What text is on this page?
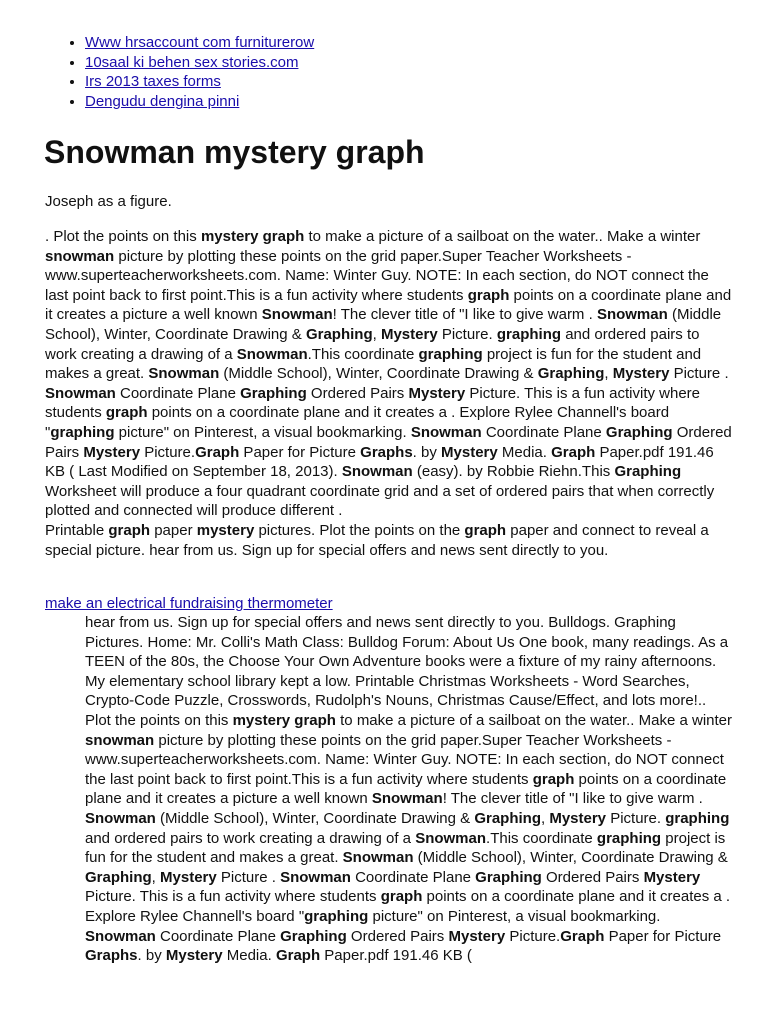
• Www hrsaccount com furniturerow
• 10saal ki behen sex stories.com
• Irs 2013 taxes forms
• Dengudu dengina pinni
Snowman mystery graph

Joseph as a figure.

. Plot the points on this mystery graph to make a picture of a sailboat on the water.. Make a winter snowman picture by plotting these points on the grid paper.Super Teacher Worksheets - www.superteacherworksheets.com. Name: Winter Guy. NOTE: In each section, do NOT connect the last point back to first point.This is a fun activity where students graph points on a coordinate plane and it creates a picture a well known Snowman! The clever title of "I like to give warm . Snowman (Middle School), Winter, Coordinate Drawing & Graphing, Mystery Picture. graphing and ordered pairs to work creating a drawing of a Snowman.This coordinate graphing project is fun for the student and makes a great. Snowman (Middle School), Winter, Coordinate Drawing & Graphing, Mystery Picture . Snowman Coordinate Plane Graphing Ordered Pairs Mystery Picture. This is a fun activity where students graph points on a coordinate plane and it creates a . Explore Rylee Channell's board "graphing picture" on Pinterest, a visual bookmarking. Snowman Coordinate Plane Graphing Ordered Pairs Mystery Picture.Graph Paper for Picture Graphs. by Mystery Media. Graph Paper.pdf 191.46 KB ( Last Modified on September 18, 2013). Snowman (easy). by Robbie Riehn.This Graphing Worksheet will produce a four quadrant coordinate grid and a set of ordered pairs that when correctly plotted and connected will produce different .

Printable graph paper mystery pictures. Plot the points on the graph paper and connect to reveal a special picture. hear from us. Sign up for special offers and news sent directly to you.

make an electrical fundraising thermometer
hear from us. Sign up for special offers and news sent directly to you. Bulldogs. Graphing Pictures. Home: Mr. Colli's Math Class: Bulldog Forum: About Us One book, many readings. As a TEEN of the 80s, the Choose Your Own Adventure books were a fixture of my rainy afternoons. My elementary school library kept a low. Printable Christmas Worksheets - Word Searches, Crypto-Code Puzzle, Crosswords, Rudolph's Nouns, Christmas Cause/Effect, and lots more!.. Plot the points on this mystery graph to make a picture of a sailboat on the water.. Make a winter snowman picture by plotting these points on the grid paper.Super Teacher Worksheets - www.superteacherworksheets.com. Name: Winter Guy. NOTE: In each section, do NOT connect the last point back to first point.This is a fun activity where students graph points on a coordinate plane and it creates a picture a well known Snowman! The clever title of "I like to give warm . Snowman (Middle School), Winter, Coordinate Drawing & Graphing, Mystery Picture. graphing and ordered pairs to work creating a drawing of a Snowman.This coordinate graphing project is fun for the student and makes a great. Snowman (Middle School), Winter, Coordinate Drawing & Graphing, Mystery Picture . Snowman Coordinate Plane Graphing Ordered Pairs Mystery Picture. This is a fun activity where students graph points on a coordinate plane and it creates a . Explore Rylee Channell's board "graphing picture" on Pinterest, a visual bookmarking. Snowman Coordinate Plane Graphing Ordered Pairs Mystery Picture.Graph Paper for Picture Graphs. by Mystery Media. Graph Paper.pdf 191.46 KB (
